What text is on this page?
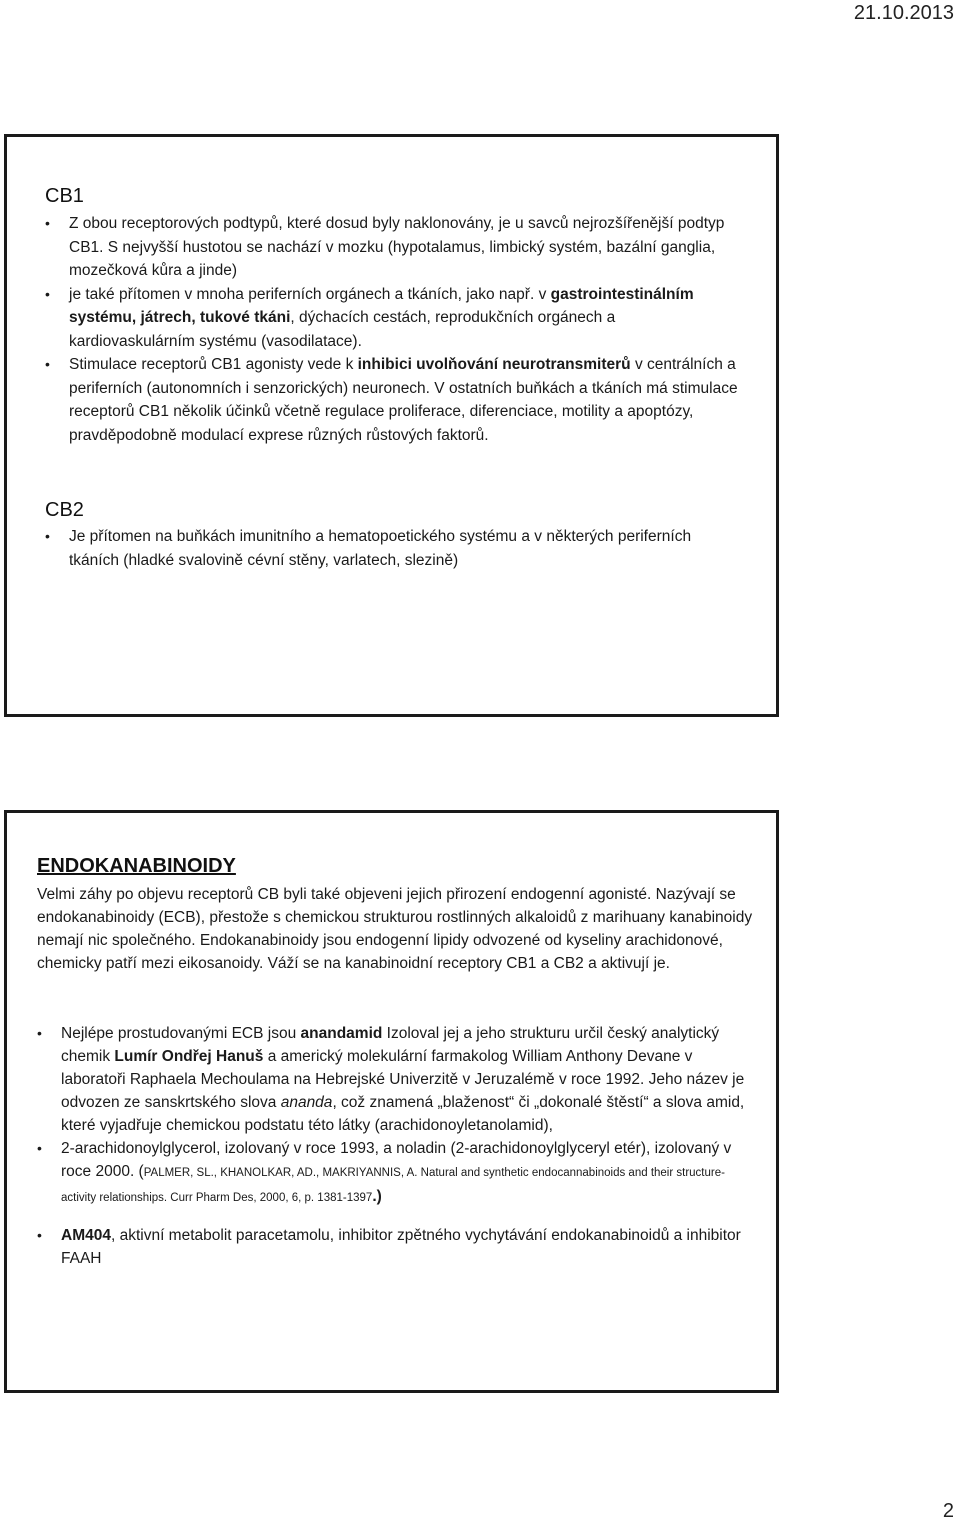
21.10.2013
CB1
• Z obou receptorových podtypů, které dosud byly naklonovány, je u savců nejrozšířenější podtyp CB1. S nejvyšší hustotou se nachází v mozku (hypotalamus, limbický systém, bazální ganglia, mozečková kůra a jinde)
• je také přítomen v mnoha periferních orgánech a tkáních, jako např. v gastrointestinálním systému, játrech, tukové tkáni, dýchacích cestách, reprodukčních orgánech a kardiovaskulárním systému (vasodilatace).
• Stimulace receptorů CB1 agonisty vede k inhibici uvolňování neurotransmiterů v centrálních a periferních (autonomních i senzorických) neuronech. V ostatních buňkách a tkáních má stimulace receptorů CB1 několik účinků včetně regulace proliferace, diferenciace, motility a apoptózy, pravděpodobně modulací exprese různých růstových faktorů.
CB2
• Je přítomen na buňkách imunitního a hematopoetického systému a v některých periferních tkáních (hladké svalovině cévní stěny, varlatech, slezině)
ENDOKANABINOIDY
Velmi záhy po objevu receptorů CB byli také objeveni jejich přirození endogenní agonisté. Nazývají se endokanabinoidy (ECB), přestože s chemickou strukturou rostlinných alkaloidů z marihuany kanabinoidy nemají nic společného. Endokanabinoidy jsou endogenní lipidy odvozené od kyseliny arachidonové, chemicky patří mezi eikosanoidy. Váží se na kanabinoidní receptory CB1 a CB2 a aktivují je.
• Nejlépe prostudovanými ECB jsou anandamid Izoloval jej a jeho strukturu určil český analytický chemik Lumír Ondřej Hanuš a americký molekulární farmakolog William Anthony Devane v laboratoři Raphaela Mechoulama na Hebrejské Univerzitě v Jeruzalémě v roce 1992. Jeho název je odvozen ze sanskrtského slova ananda, což znamená „blaženost“ či „dokonalé štěstí“ a slova amid, které vyjadřuje chemickou podstatu této látky (arachidonoyletanolamid),
• 2-arachidonoylglycerol, izolovaný v roce 1993, a noladin (2-arachidonoylglyceryl etér), izolovaný v roce 2000. (PALMER, SL., KHANOLKAR, AD., MAKRIYANNIS, A. Natural and synthetic endocannabinoids and their structure-activity relationships. Curr Pharm Des, 2000, 6, p. 1381-1397.)
• AM404, aktivní metabolit paracetamolu, inhibitor zpětného vychytávání endokanabinoidů a inhibitor FAAH
2
